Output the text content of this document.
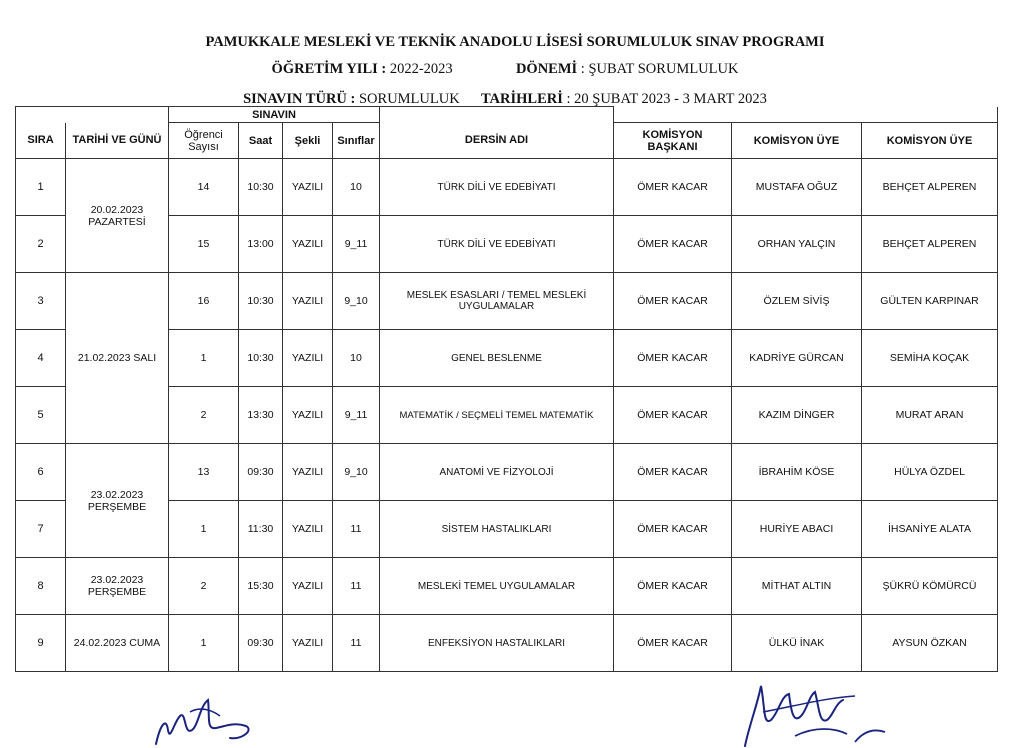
PAMUKKALE MESLEKİ VE TEKNİK ANADOLU LİSESİ SORUMLULUK SINAV PROGRAMI
ÖĞRETİM YILI : 2022-2023	DÖNEMİ : ŞUBAT SORUMLULUK
SINAVIN TÜRÜ : SORUMLULUK TARİHLERİ : 20 ŞUBAT 2023 - 3 MART 2023
		SINAVIN							
SIRA	TARİHİ VE GÜNÜ	Öğrenci Sayısı	Saat	Şekli	Sınıflar	DERSİN ADI	KOMİSYON BAŞKANI	KOMİSYON ÜYE	KOMİSYON ÜYE
1	20.02.2023 PAZARTESİ	14	10:30	YAZILI	10	TÜRK DİLİ VE EDEBİYATI	ÖMER KACAR	MUSTAFA OĞUZ	BEHÇET ALPEREN
2		15	13:00	YAZILI	9_11	TÜRK DİLİ VE EDEBİYATI	ÖMER KACAR	ORHAN YALÇIN	BEHÇET ALPEREN
3	21.02.2023 SALI	16	10:30	YAZILI	9_10	MESLEK ESASLARI / TEMEL MESLEKİ UYGULAMALAR	ÖMER KACAR	ÖZLEM SİVİŞ	GÜLTEN KARPINAR
4		1	10:30	YAZILI	10	GENEL BESLENME	ÖMER KACAR	KADRİYE GÜRCAN	SEMİHA KOÇAK
5		2	13:30	YAZILI	9_11	MATEMATİK / SEÇMELİ TEMEL MATEMATİK	ÖMER KACAR	KAZIM DİNGER	MURAT ARAN
6	23.02.2023 PERŞEMBE	13	09:30	YAZILI	9_10	ANATOMİ VE FİZYOLOJİ	ÖMER KACAR	İBRAHİM KÖSE	HÜLYA ÖZDEL
7		1	11:30	YAZILI	11	SİSTEM HASTALIKLARI	ÖMER KACAR	HURİYE ABACI	İHSANİYE ALATA
8	23.02.2023 PERŞEMBE	2	15:30	YAZILI	11	MESLEKİ TEMEL UYGULAMALAR	ÖMER KACAR	MİTHAT ALTIN	ŞÜKRÜ KÖMÜRCÜ
9	24.02.2023 CUMA	1	09:30	YAZILI	11	ENFEKSİYON HASTALIKLARI	ÖMER KACAR	ÜLKÜ İNAK	AYSUN ÖZKAN
